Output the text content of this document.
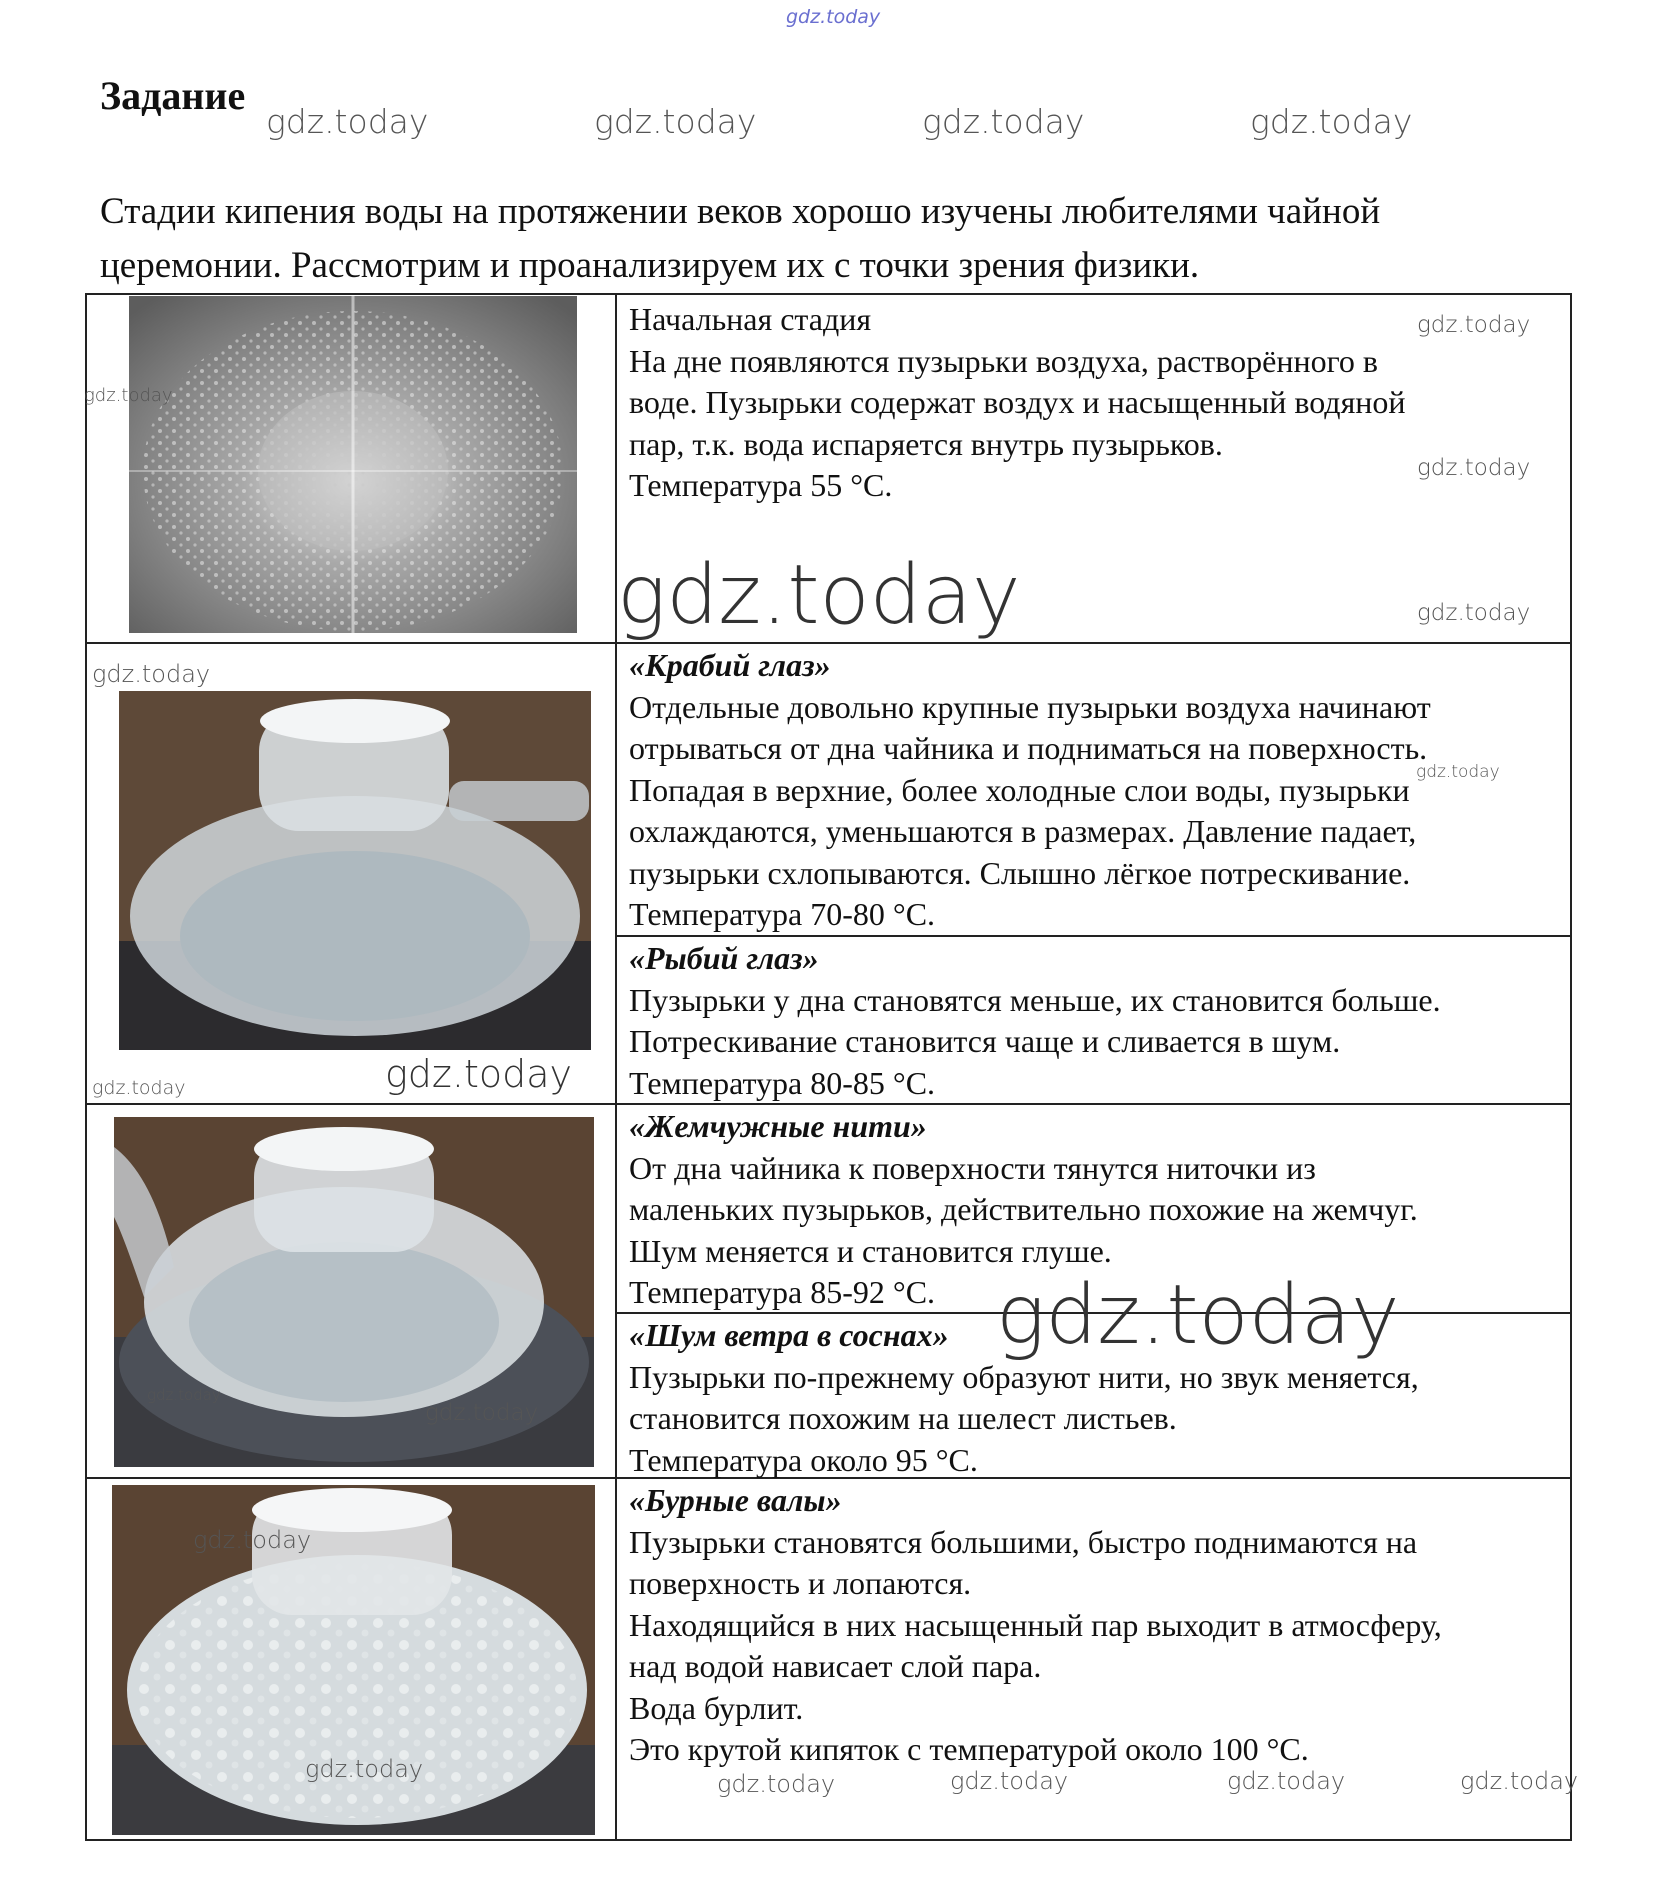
gdz.today
gdz.today	gdz.today	gdz.today	gdz.today
Задание
Стадии кипения воды на протяжении веков хорошо изучены любителями чайной
церемонии. Рассмотрим и проанализируем их с точки зрения физики.
Начальная стадия
На дне появляются пузырьки воздуха, растворённого в
воде. Пузырьки содержат воздух и насыщенный водяной
пар, т.к. вода испаряется внутрь пузырьков.
Температура 55 °C.
«Крабий глаз»
Отдельные довольно крупные пузырьки воздуха начинают
отрываться от дна чайника и подниматься на поверхность.
Попадая в верхние, более холодные слои воды, пузырьки
охлаждаются, уменьшаются в размерах. Давление падает,
пузырьки схлопываются. Слышно лёгкое потрескивание.
Температура 70-80 °C.
«Рыбий глаз»
Пузырьки у дна становятся меньше, их становится больше.
Потрескивание становится чаще и сливается в шум.
Температура 80-85 °C.
«Жемчужные нити»
От дна чайника к поверхности тянутся ниточки из
маленьких пузырьков, действительно похожие на жемчуг.
Шум меняется и становится глуше.
Температура 85-92 °C.
«Шум ветра в соснах»
Пузырьки по-прежнему образуют нити, но звук меняется,
становится похожим на шелест листьев.
Температура около 95 °C.
«Бурные валы»
Пузырьки становятся большими, быстро поднимаются на
поверхность и лопаются.
Находящийся в них насыщенный пар выходит в атмосферу,
над водой нависает слой пара.
Вода бурлит.
Это крутой кипяток с температурой около 100 °C.
gdz.today
gdz.today
gdz.today
gdz.today
gdz.today
gdz.today
gdz.today
gdz.today	gdz.today
gdz.today
gdz.today
gdz.today
gdz.today
gdz.today
gdz.today	gdz.today	gdz.today	gdz.today
